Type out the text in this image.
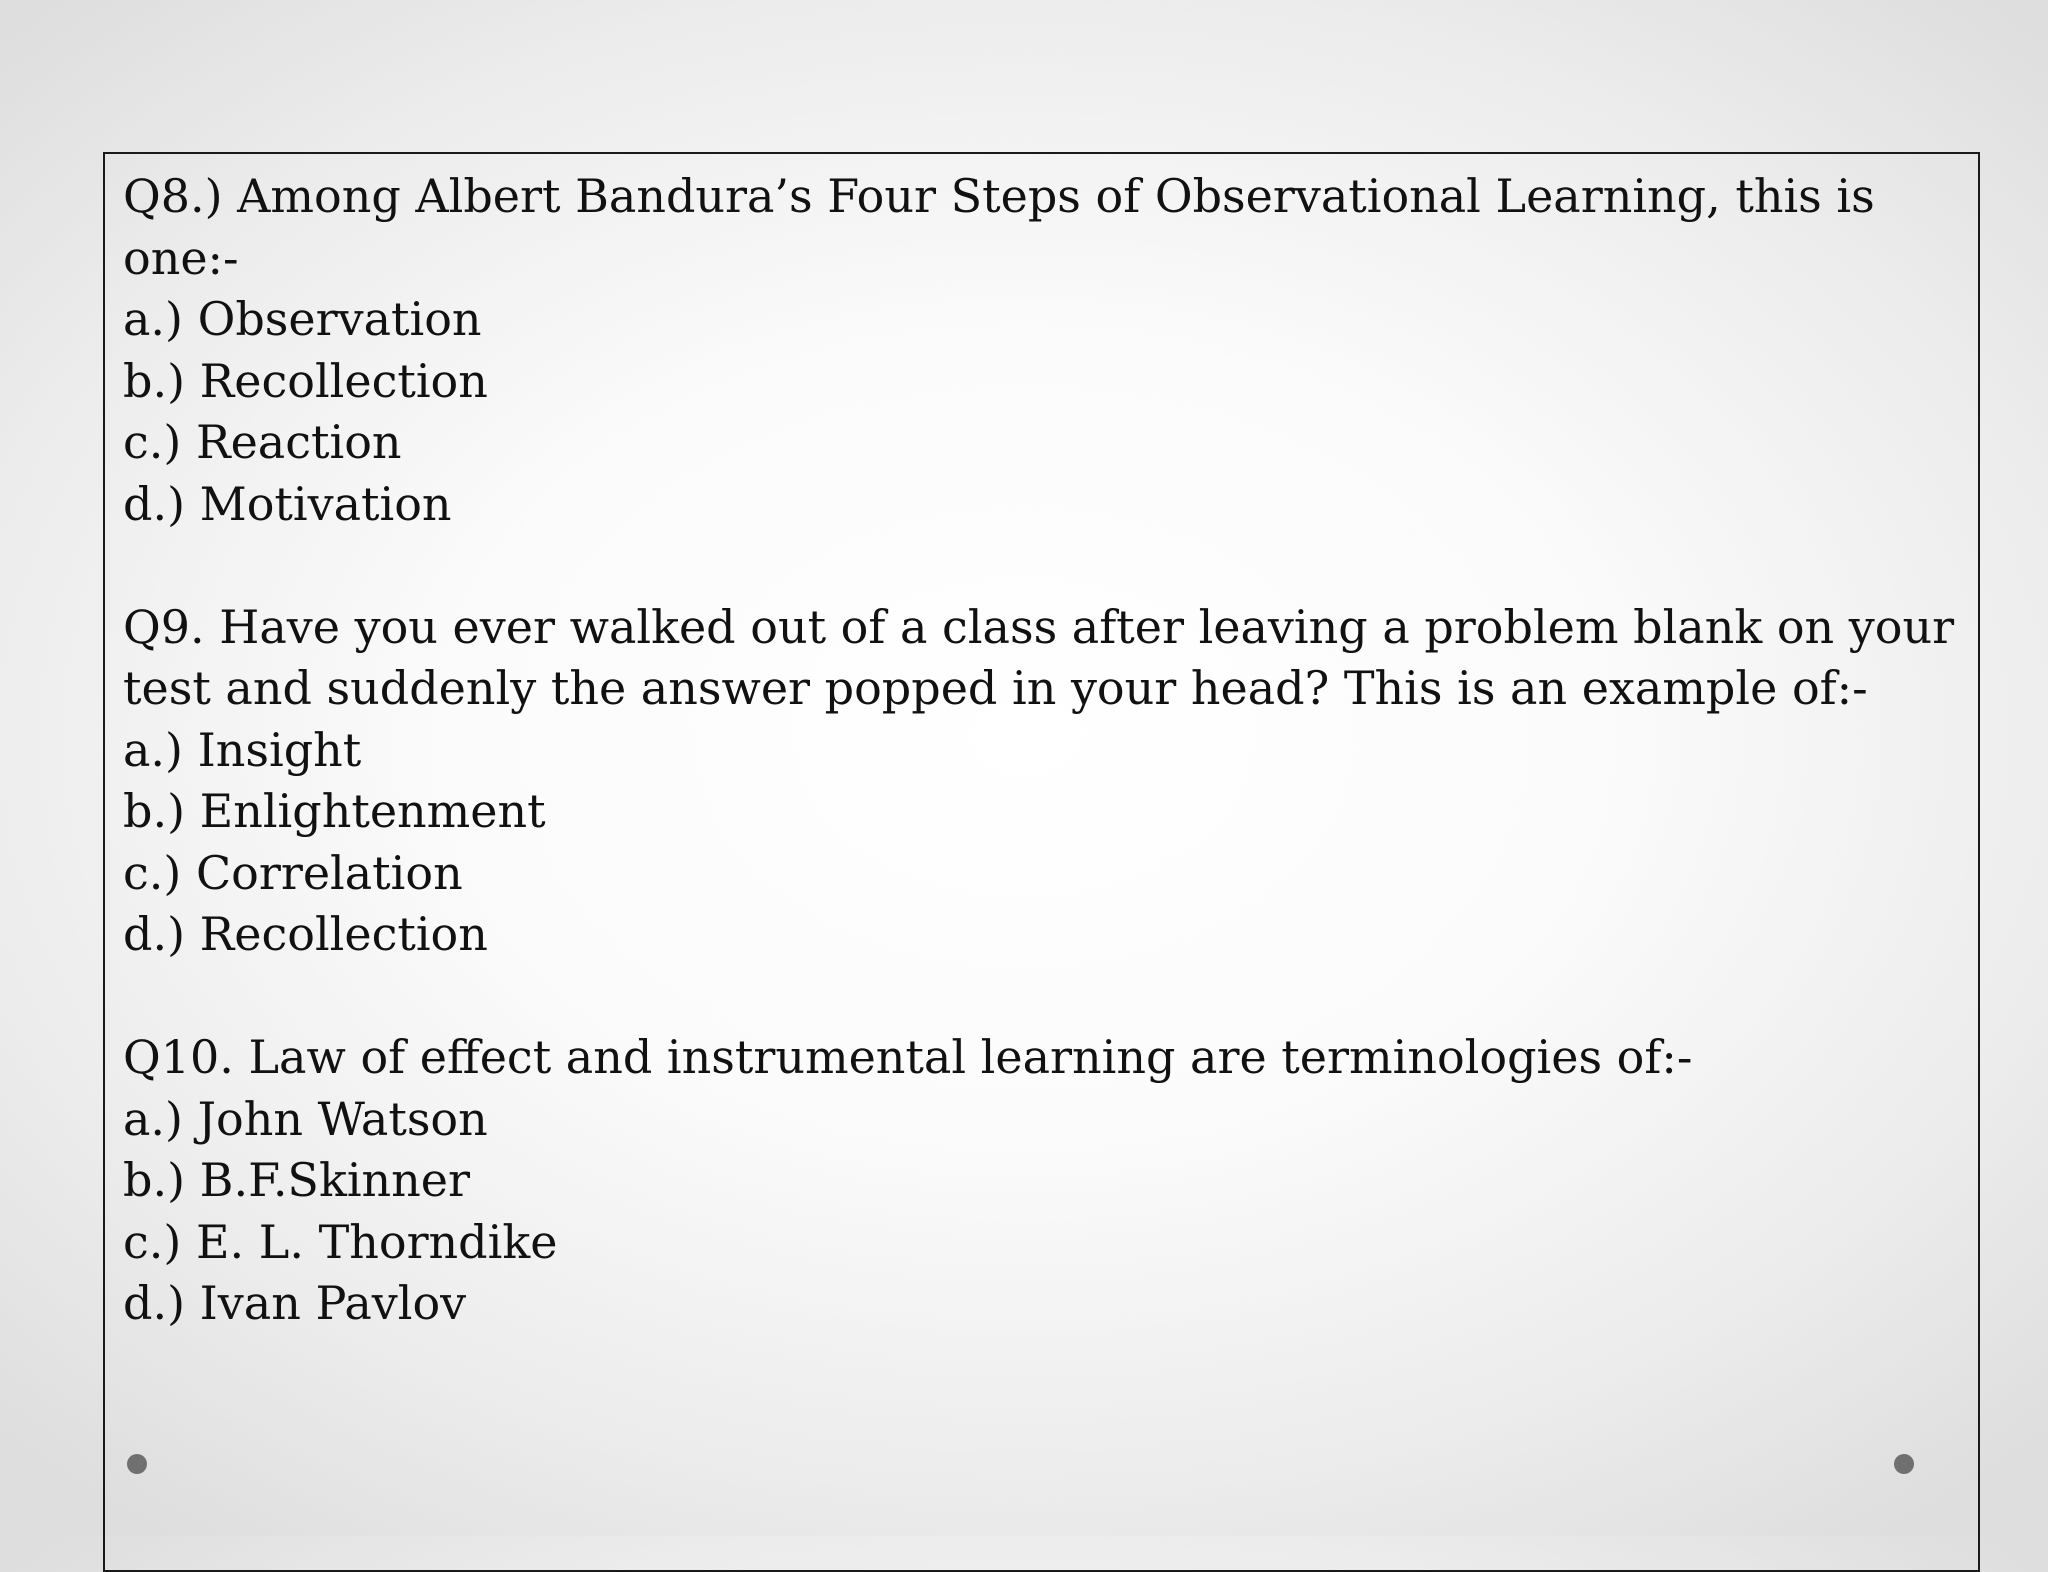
Q8.) Among Albert Bandura’s Four Steps of Observational Learning, this is one:-
a.) Observation
b.) Recollection
c.) Reaction
d.) Motivation
Q9. Have you ever walked out of a class after leaving a problem blank on your test and suddenly the answer popped in your head? This is an example of:-
a.) Insight
b.) Enlightenment
c.) Correlation
d.) Recollection
Q10. Law of effect and instrumental learning are terminologies of:-
a.) John Watson
b.) B.F.Skinner
c.) E. L. Thorndike
d.) Ivan Pavlov
